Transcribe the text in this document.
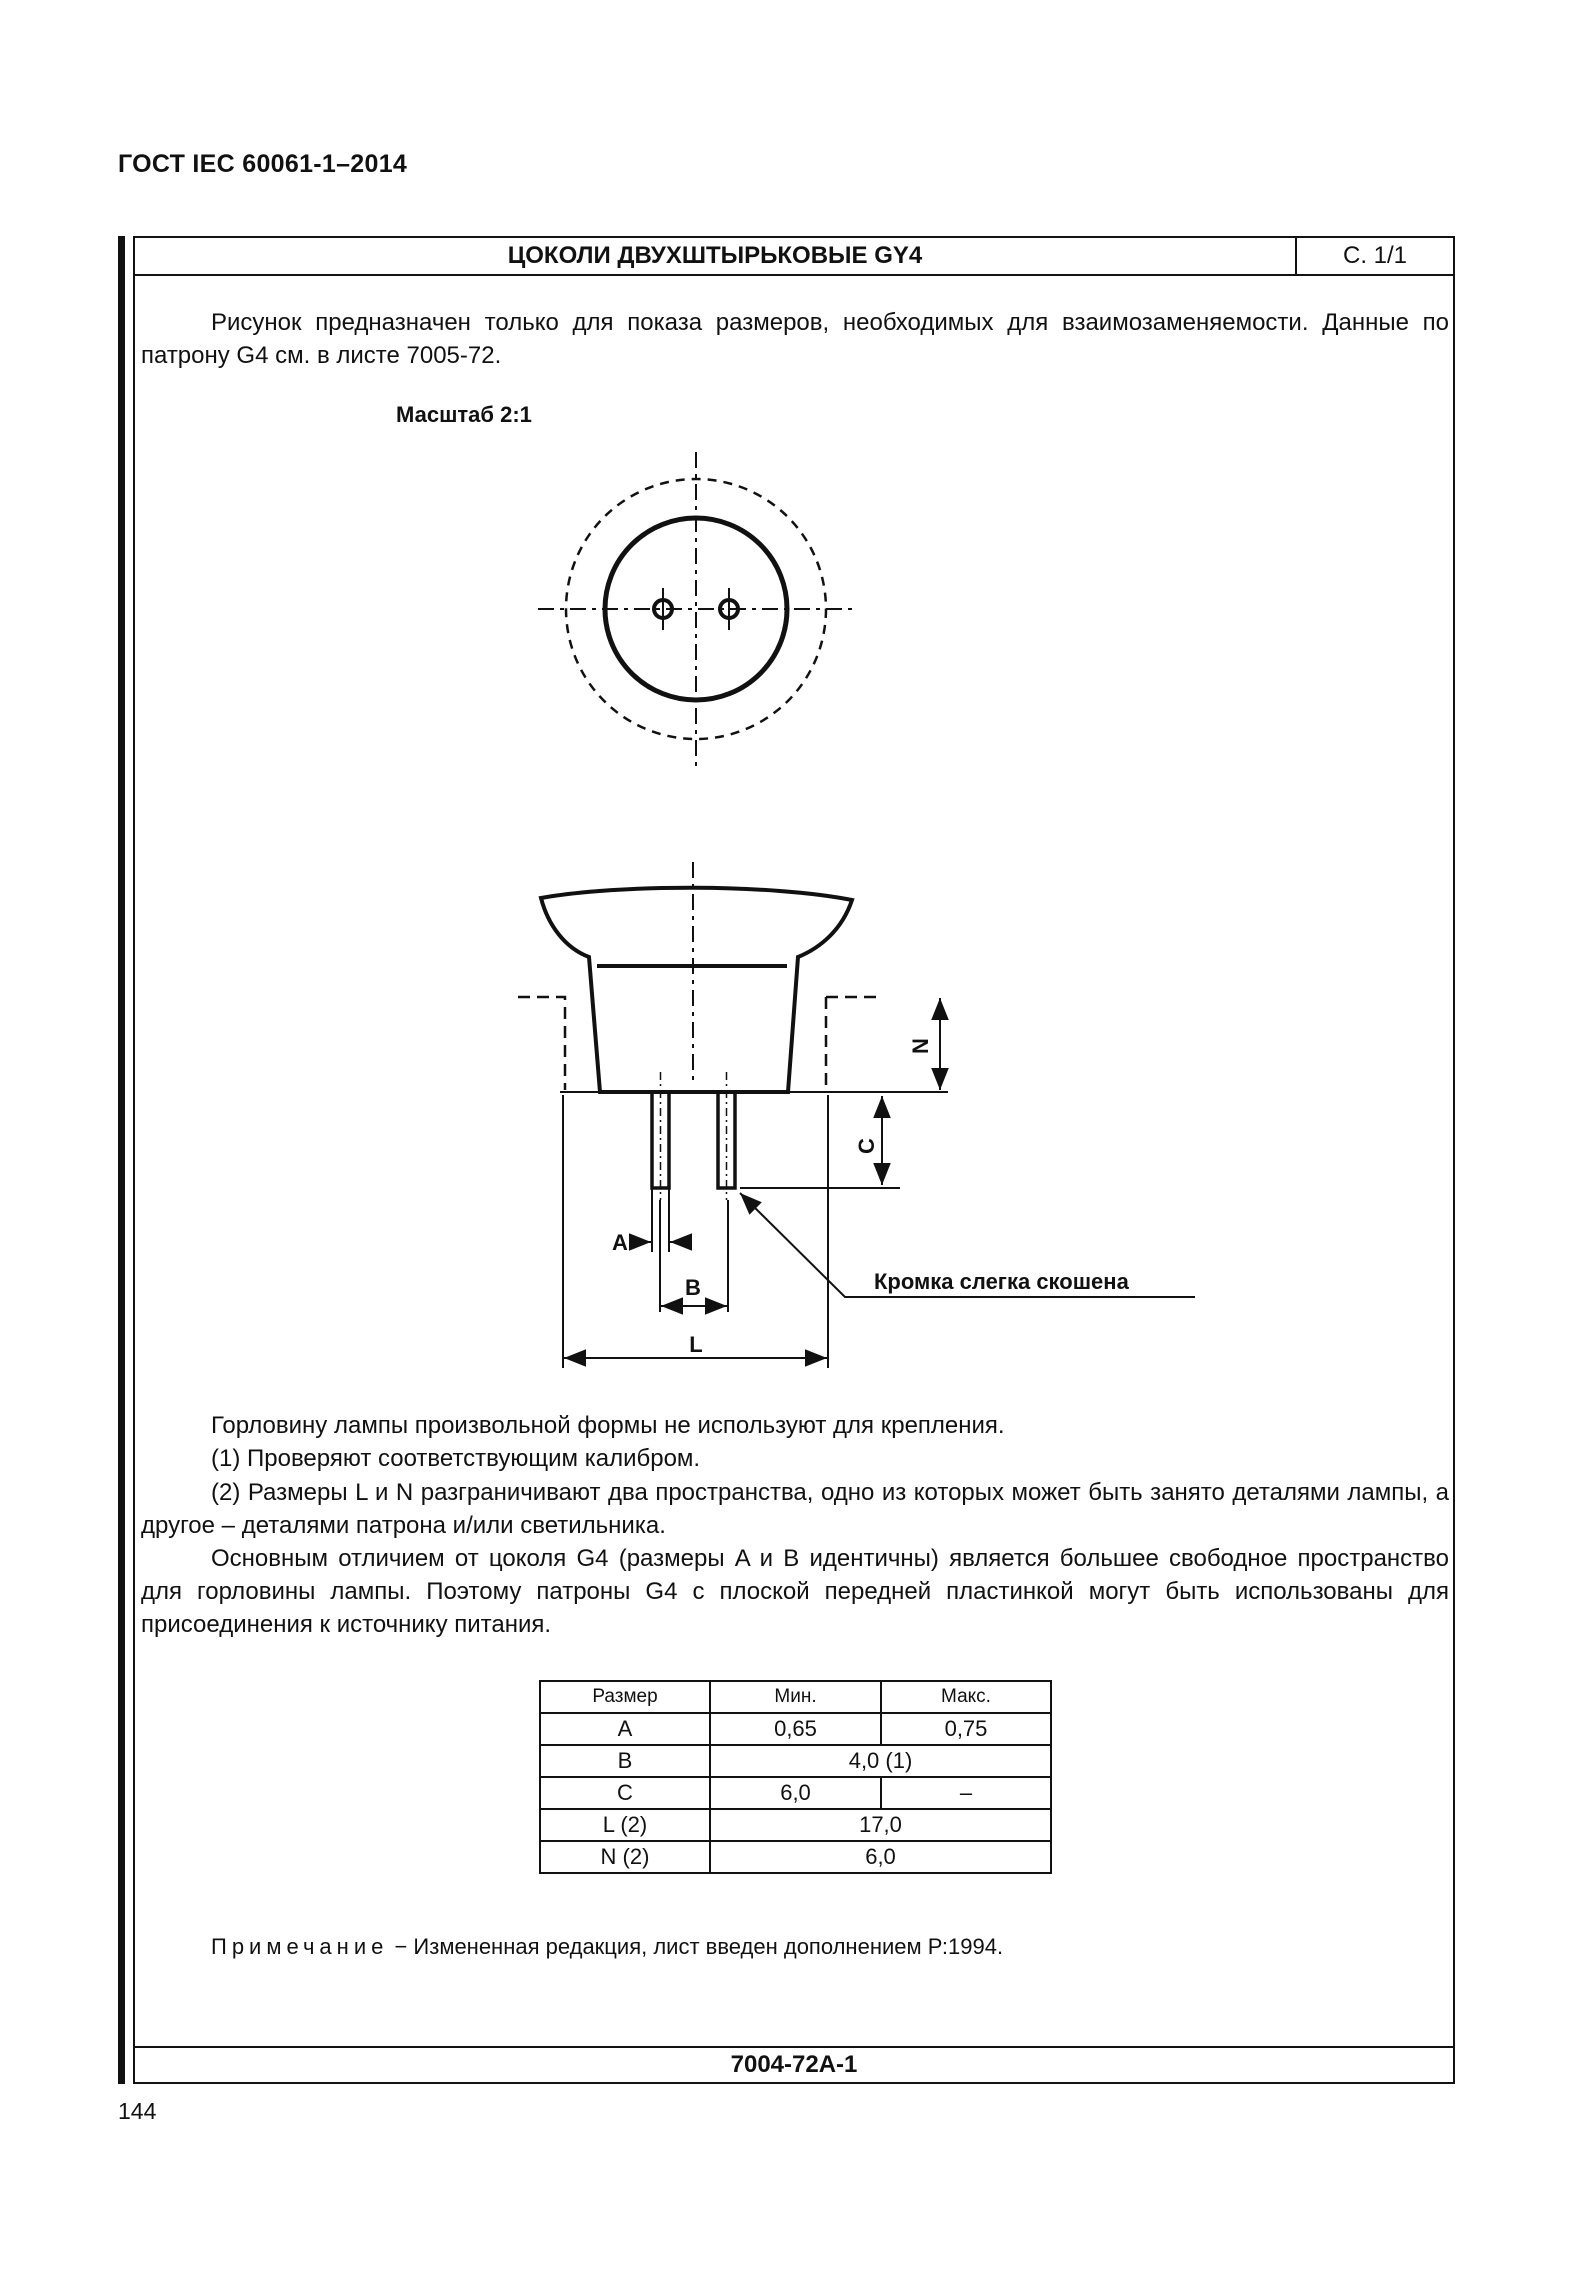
ГОСТ IEC 60061-1–2014
ЦОКОЛИ ДВУХШТЫРЬКОВЫЕ GY4	С. 1/1
7004-72А-1
Рисунок предназначен только для показа размеров, необходимых для взаимозаменяемости. Данные по патрону G4 см. в листе 7005-72.
Масштаб 2:1
A
B
L
N
C
Кромка слегка скошена
Горловину лампы произвольной формы не используют для крепления.
(1) Проверяют соответствующим калибром.
(2) Размеры L и N разграничивают два пространства, одно из которых может быть занято деталями лампы, а другое – деталями патрона и/или светильника.
Основным отличием от цоколя G4 (размеры A и B идентичны) является большее свободное пространство для горловины лампы. Поэтому патроны G4 с плоской передней пластинкой могут быть использованы для присоединения к источнику питания.
Размер	Мин.	Макс.
A	0,65	0,75
B	4,0 (1)	
C	6,0	–
L (2)	17,0	
N (2)	6,0	
Примечание − Измененная редакция, лист введен дополнением Р:1994.
144
